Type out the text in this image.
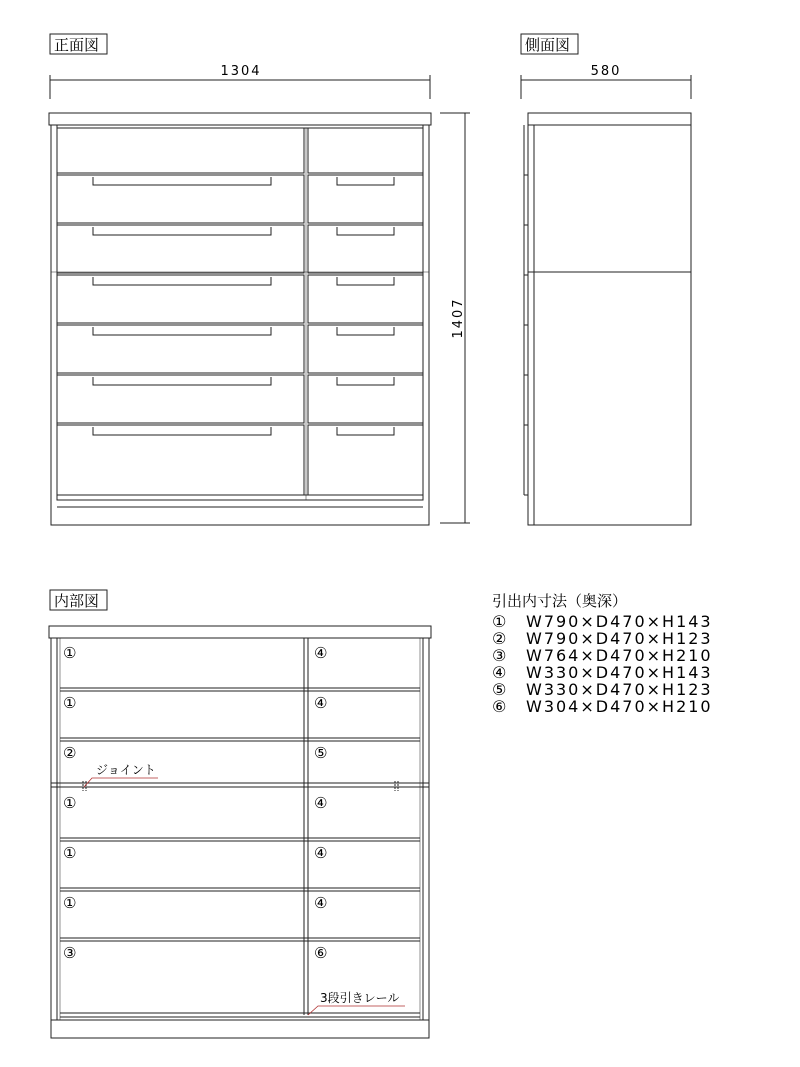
正面図
1304
1407
側面図
580
内部図
①
①
②
①
①
①
③
④
④
⑤
④
④
④
⑥
ジョイント
3段引きレール
引出内寸法（奥深）
① W790×D470×H143
② W790×D470×H123
③ W764×D470×H210
④ W330×D470×H143
⑤ W330×D470×H123
⑥ W304×D470×H210
